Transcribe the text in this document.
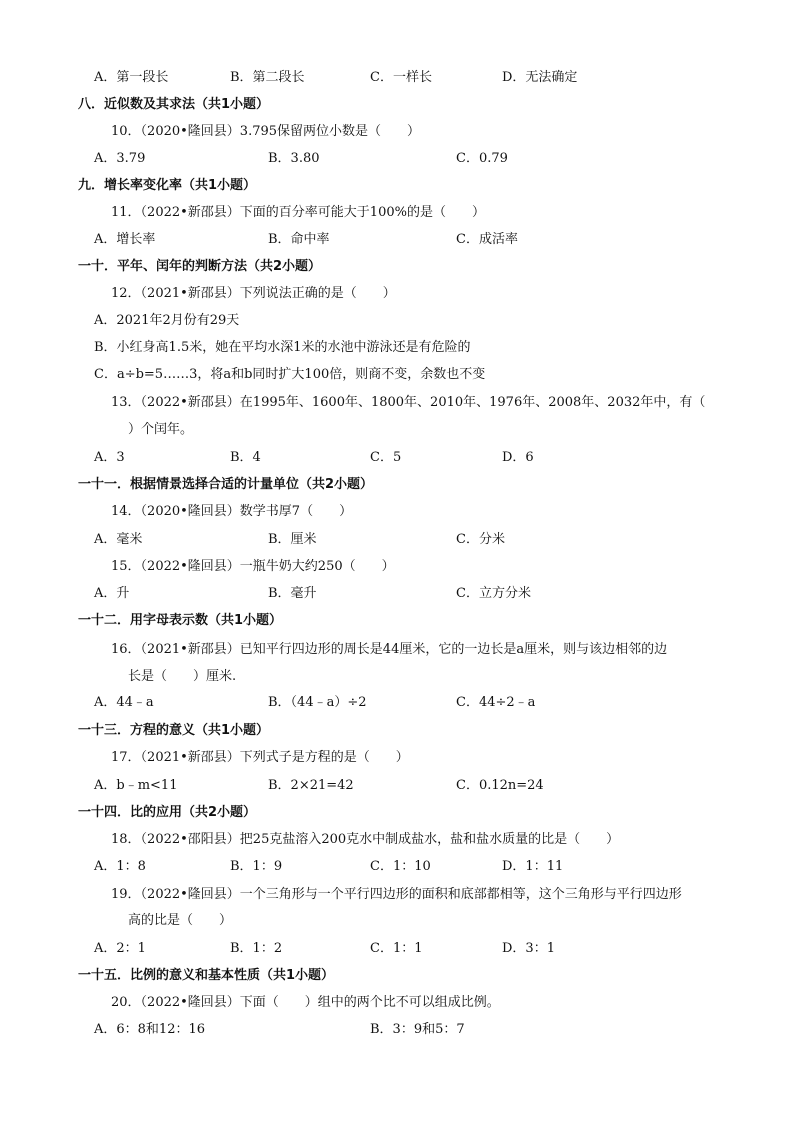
A．第一段长	B．第二段长	C．一样长	D．无法确定
八．近似数及其求法（共1小题）
10．（2020•隆回县）3.795保留两位小数是（　　）
A．3.79	B．3.80	C．0.79
九．增长率变化率（共1小题）
11．（2022•新邵县）下面的百分率可能大于100%的是（　　）
A．增长率	B．命中率	C．成活率
一十．平年、闰年的判断方法（共2小题）
12．（2021•新邵县）下列说法正确的是（　　）
A．2021年2月份有29天
B．小红身高1.5米，她在平均水深1米的水池中游泳还是有危险的
C．a÷b=5……3，将a和b同时扩大100倍，则商不变，余数也不变
13．（2022•新邵县）在1995年、1600年、1800年、2010年、1976年、2008年、2032年中，有（
）个闰年。
A．3	B．4	C．5	D．6
一十一．根据情景选择合适的计量单位（共2小题）
14．（2020•隆回县）数学书厚7（　　）
A．毫米	B．厘米	C．分米
15．（2022•隆回县）一瓶牛奶大约250（　　）
A．升	B．毫升	C．立方分米
一十二．用字母表示数（共1小题）
16．（2021•新邵县）已知平行四边形的周长是44厘米，它的一边长是a厘米，则与该边相邻的边
长是（　　）厘米.
A．44﹣a	B．（44﹣a）÷2	C．44÷2﹣a
一十三．方程的意义（共1小题）
17．（2021•新邵县）下列式子是方程的是（　　）
A．b﹣m<11	B．2×21=42	C．0.12n=24
一十四．比的应用（共2小题）
18．（2022•邵阳县）把25克盐溶入200克水中制成盐水，盐和盐水质量的比是（　　）
A．1：8	B．1：9	C．1：10	D．1：11
19．（2022•隆回县）一个三角形与一个平行四边形的面积和底部都相等，这个三角形与平行四边形
高的比是（　　）
A．2：1	B．1：2	C．1：1	D．3：1
一十五．比例的意义和基本性质（共1小题）
20．（2022•隆回县）下面（　　）组中的两个比不可以组成比例。
A．6：8和12：16	B．3：9和5：7
